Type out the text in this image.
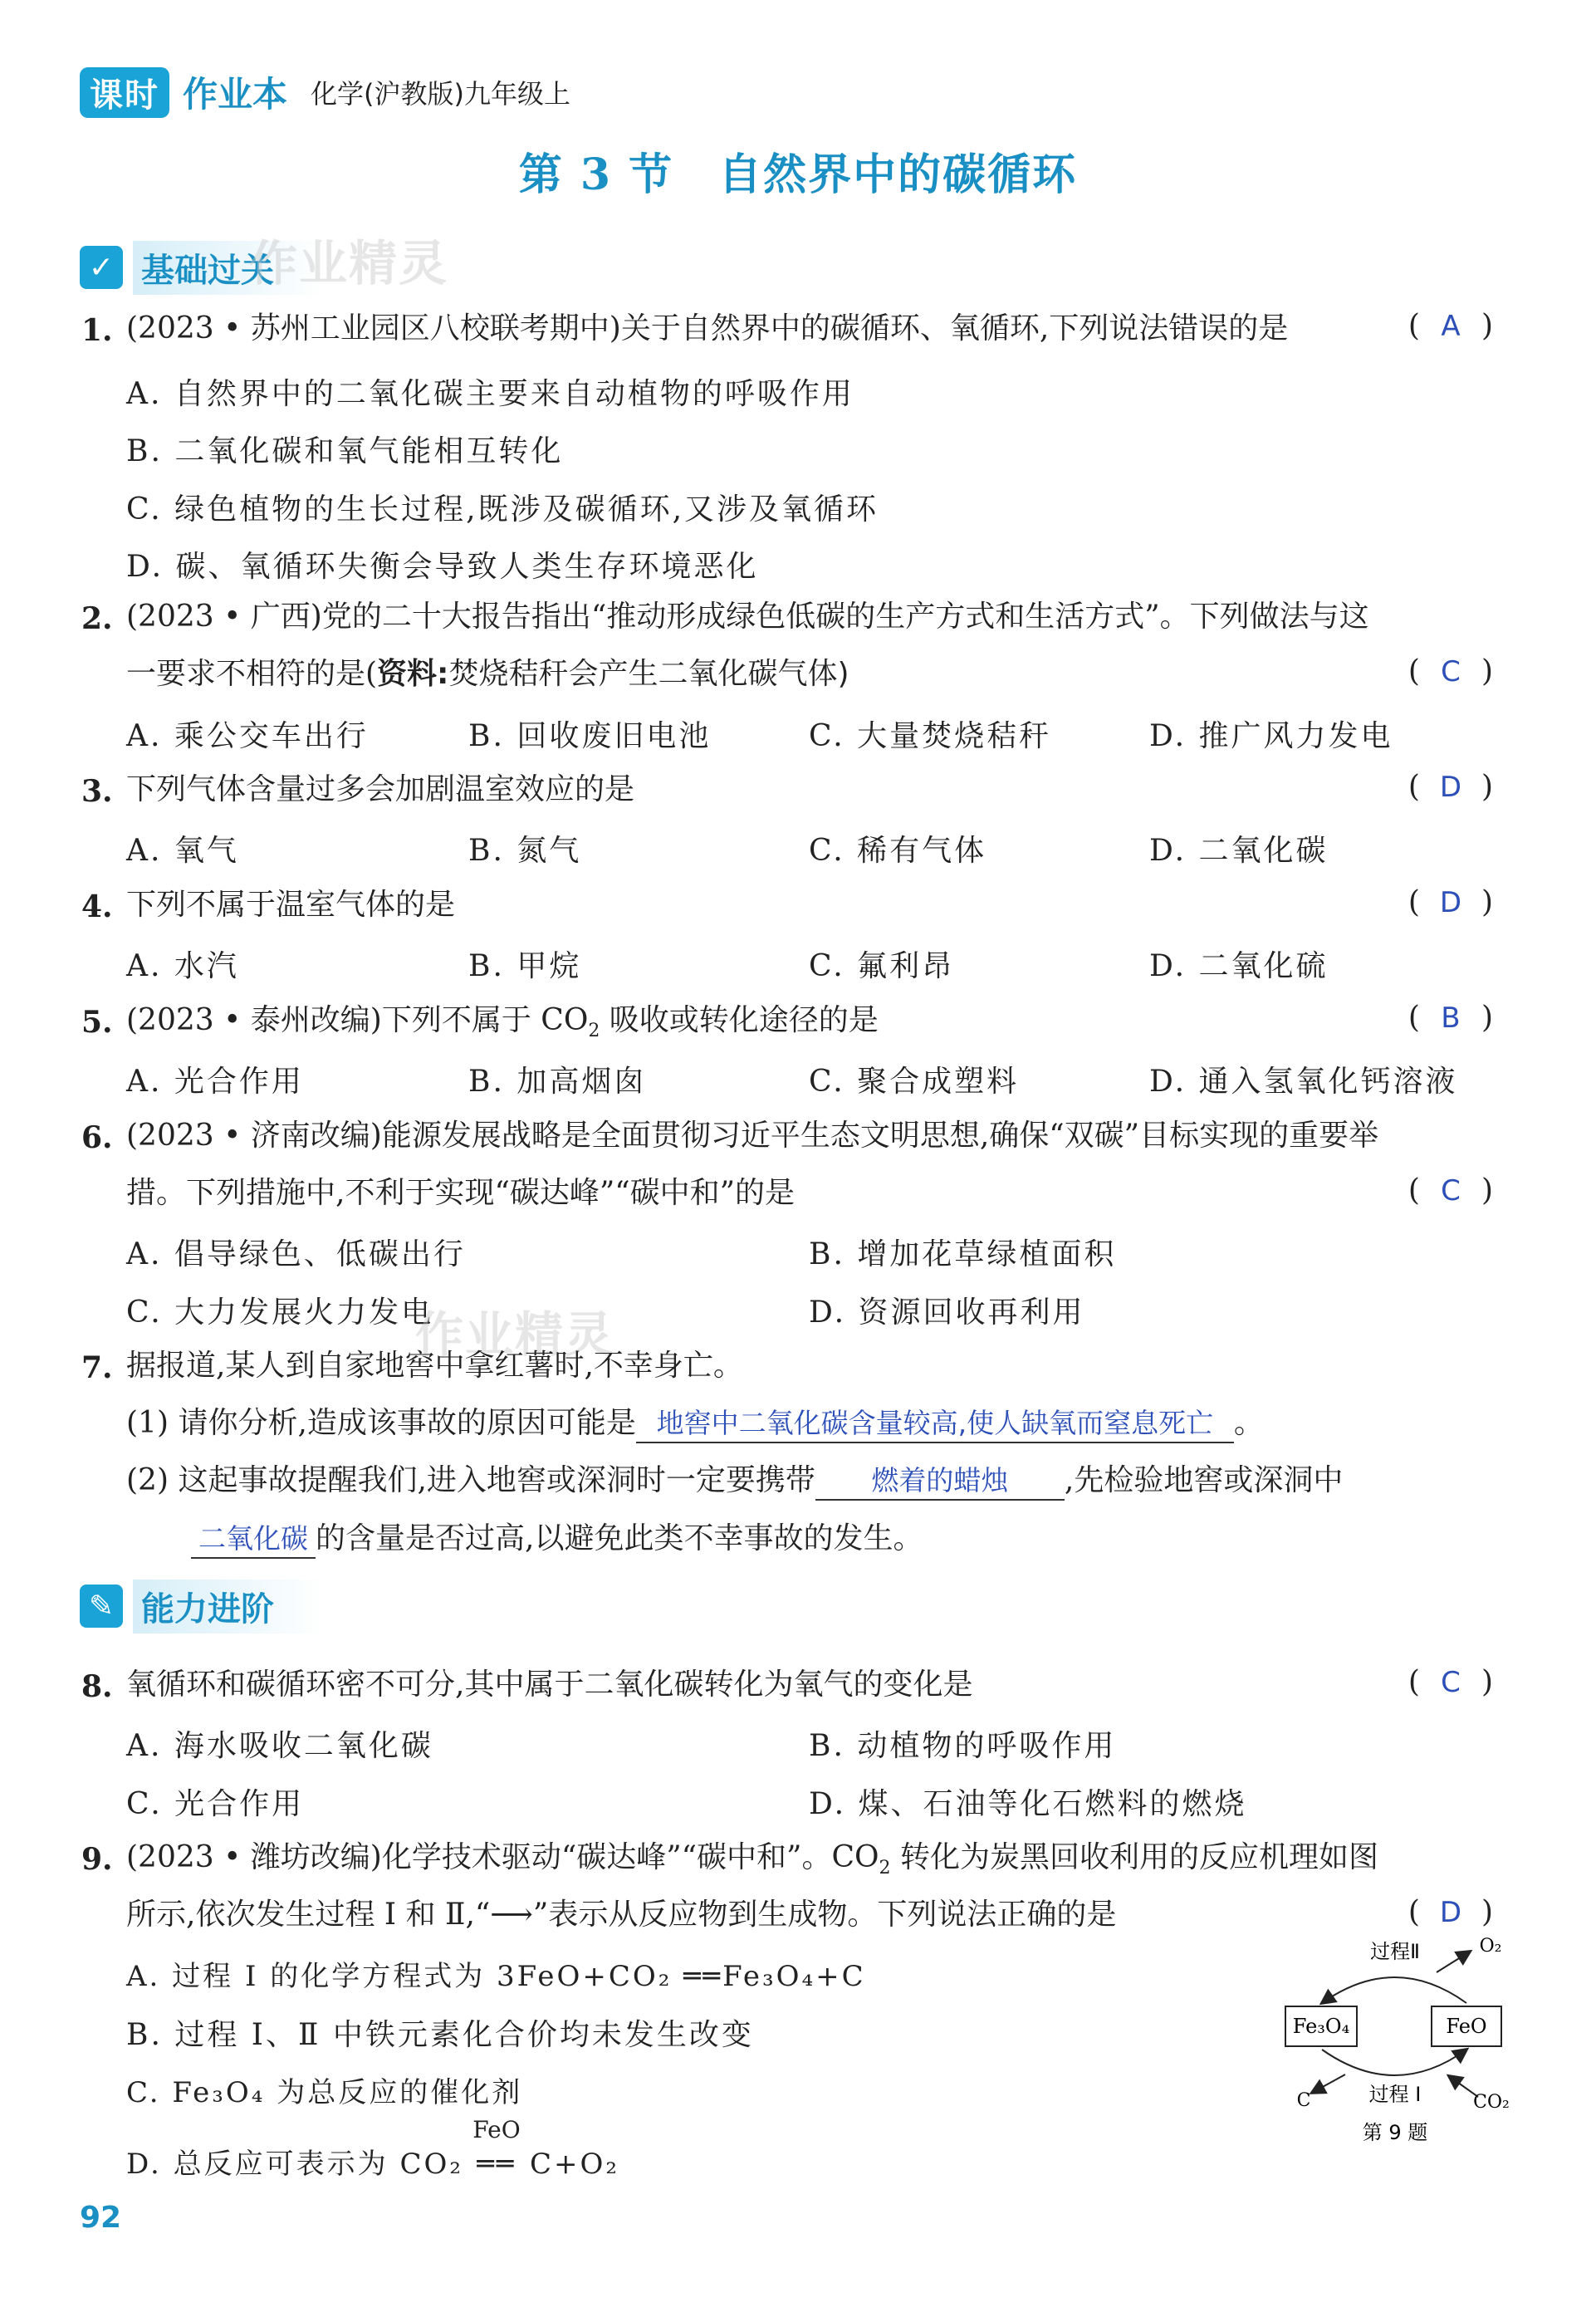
课时 作业本 化学(沪教版)九年级上
第 3 节　自然界中的碳循环
✓ 基础过关
作业精灵
1. (2023 • 苏州工业园区八校联考期中)关于自然界中的碳循环、氧循环,下列说法错误的是	( A )
A. 自然界中的二氧化碳主要来自动植物的呼吸作用
B. 二氧化碳和氧气能相互转化
C. 绿色植物的生长过程,既涉及碳循环,又涉及氧循环
D. 碳、氧循环失衡会导致人类生存环境恶化
2. (2023 • 广西)党的二十大报告指出“推动形成绿色低碳的生产方式和生活方式”。下列做法与这
一要求不相符的是(资料:焚烧秸秆会产生二氧化碳气体)	( C )
A. 乘公交车出行	B. 回收废旧电池	C. 大量焚烧秸秆	D. 推广风力发电
3. 下列气体含量过多会加剧温室效应的是	( D )
A. 氧气	B. 氮气	C. 稀有气体	D. 二氧化碳
4. 下列不属于温室气体的是	( D )
A. 水汽	B. 甲烷	C. 氟利昂	D. 二氧化硫
5. (2023 • 泰州改编)下列不属于 $CO_2$ 吸收或转化途径的是	( B )
A. 光合作用	B. 加高烟囱	C. 聚合成塑料	D. 通入氢氧化钙溶液
6. (2023 • 济南改编)能源发展战略是全面贯彻习近平生态文明思想,确保“双碳”目标实现的重要举
措。下列措施中,不利于实现“碳达峰”“碳中和”的是	( C )
A. 倡导绿色、低碳出行	B. 增加花草绿植面积
C. 大力发展火力发电	D. 资源回收再利用
作业精灵
7. 据报道,某人到自家地窖中拿红薯时,不幸身亡。
(1) 请你分析,造成该事故的原因可能是 地窖中二氧化碳含量较高,使人缺氧而窒息死亡 。
(2) 这起事故提醒我们,进入地窖或深洞时一定要携带 燃着的蜡烛 ,先检验地窖或深洞中
二氧化碳 的含量是否过高,以避免此类不幸事故的发生。
✎ 能力进阶
8. 氧循环和碳循环密不可分,其中属于二氧化碳转化为氧气的变化是	( C )
A. 海水吸收二氧化碳	B. 动植物的呼吸作用
C. 光合作用	D. 煤、石油等化石燃料的燃烧
9. (2023 • 潍坊改编)化学技术驱动“碳达峰”“碳中和”。$CO_2$ 转化为炭黑回收利用的反应机理如图
所示,依次发生过程 Ⅰ 和 Ⅱ,“⟶”表示从反应物到生成物。下列说法正确的是	( D )
A. 过程 Ⅰ 的化学方程式为 3FeO+CO₂ ══Fe₃O₄+C
B. 过程 Ⅰ、Ⅱ 中铁元素化合价均未发生改变
C. Fe₃O₄ 为总反应的催化剂
D. 总反应可表示为 CO₂
FeO
══ C+O₂
Fe₃O₄	FeO
过程Ⅱ	O₂
过程 Ⅰ
C	CO₂
第 9 题
92
